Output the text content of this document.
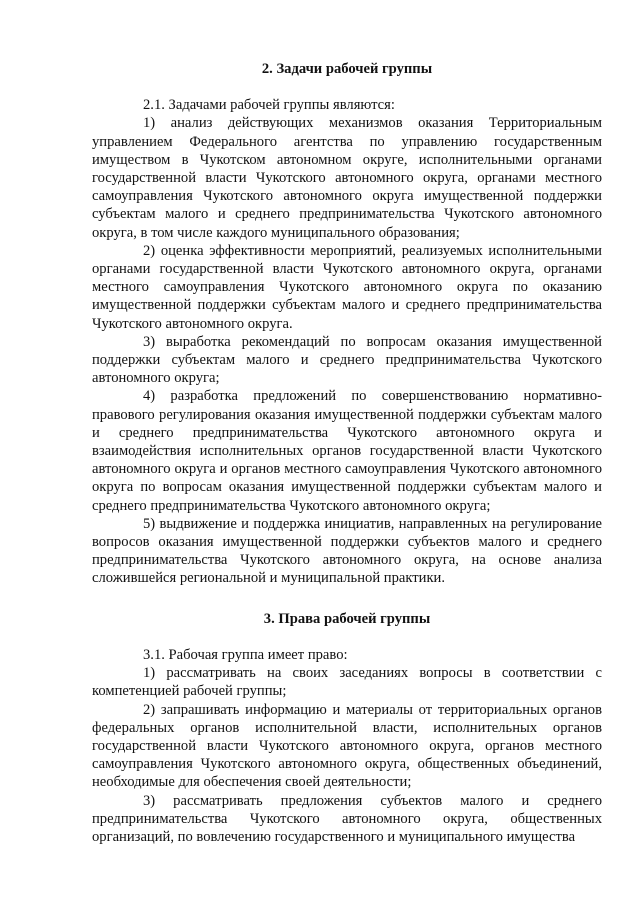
2. Задачи рабочей группы

2.1. Задачами рабочей группы являются:

1) анализ действующих механизмов оказания Территориальным управлением Федерального агентства по управлению государственным имуществом в Чукотском автономном округе, исполнительными органами государственной власти Чукотского автономного округа, органами местного самоуправления Чукотского автономного округа имущественной поддержки субъектам малого и среднего предпринимательства Чукотского автономного округа, в том числе каждого муниципального образования;

2) оценка эффективности мероприятий, реализуемых исполнительными органами государственной власти Чукотского автономного округа, органами местного самоуправления Чукотского автономного округа по оказанию имущественной поддержки субъектам малого и среднего предпринимательства Чукотского автономного округа.

3) выработка рекомендаций по вопросам оказания имущественной поддержки субъектам малого и среднего предпринимательства Чукотского автономного округа;

4) разработка предложений по совершенствованию нормативно-правового регулирования оказания имущественной поддержки субъектам малого и среднего предпринимательства Чукотского автономного округа и взаимодействия исполнительных органов государственной власти Чукотского автономного округа и органов местного самоуправления Чукотского автономного округа по вопросам оказания имущественной поддержки субъектам малого и среднего предпринимательства Чукотского автономного округа;

5) выдвижение и поддержка инициатив, направленных на регулирование вопросов оказания имущественной поддержки субъектов малого и среднего предпринимательства Чукотского автономного округа, на основе анализа сложившейся региональной и муниципальной практики.

3. Права рабочей группы

3.1. Рабочая группа имеет право:

1) рассматривать на своих заседаниях вопросы в соответствии с компетенцией рабочей группы;

2) запрашивать информацию и материалы от территориальных органов федеральных органов исполнительной власти, исполнительных органов государственной власти Чукотского автономного округа, органов местного самоуправления Чукотского автономного округа, общественных объединений, необходимые для обеспечения своей деятельности;

3) рассматривать предложения субъектов малого и среднего предпринимательства Чукотского автономного округа, общественных организаций, по вовлечению государственного и муниципального имущества
